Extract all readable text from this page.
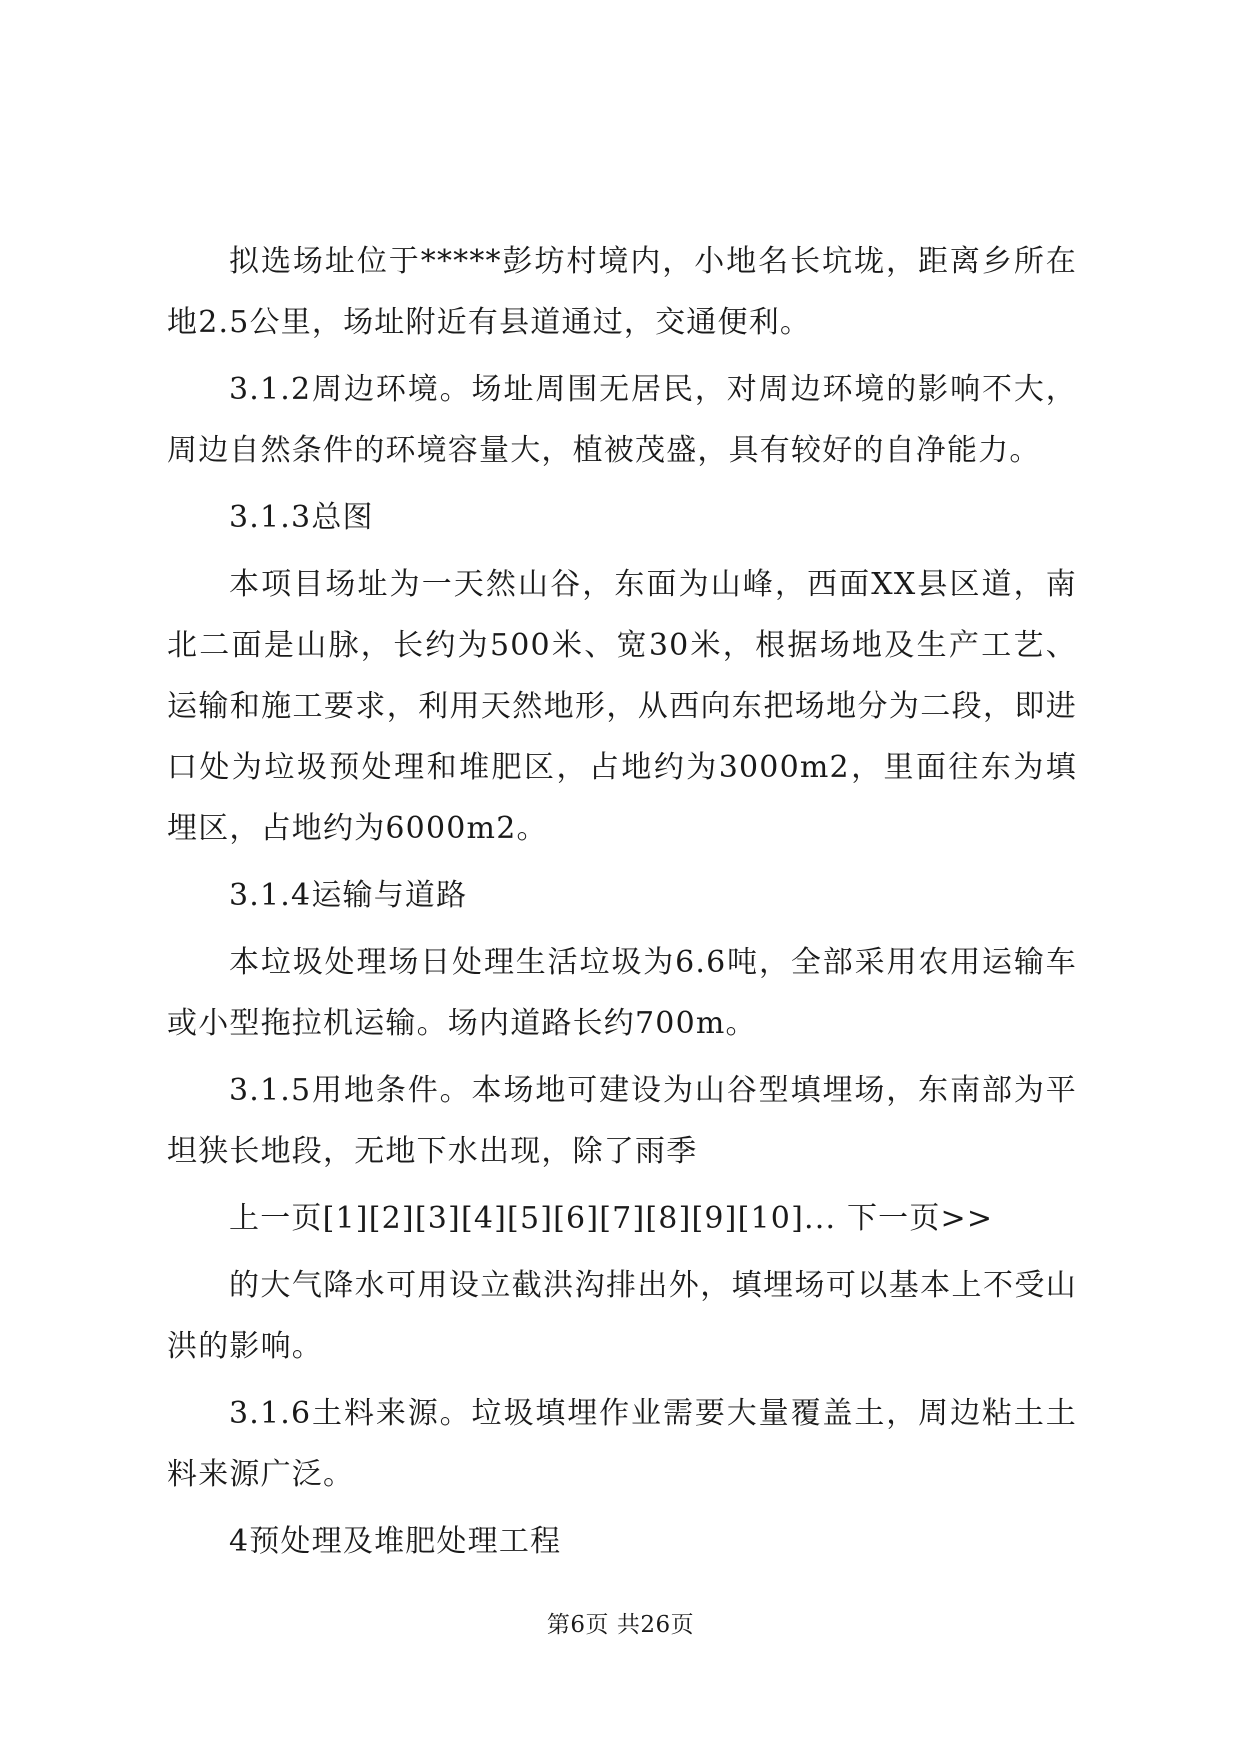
拟选场址位于*****彭坊村境内，小地名长坑垅，距离乡所在地2.5公里，场址附近有县道通过，交通便利。

3.1.2周边环境。场址周围无居民，对周边环境的影响不大，周边自然条件的环境容量大，植被茂盛，具有较好的自净能力。

3.1.3总图

本项目场址为一天然山谷，东面为山峰，西面XX县区道，南北二面是山脉，长约为500米、宽30米，根据场地及生产工艺、运输和施工要求，利用天然地形，从西向东把场地分为二段，即进口处为垃圾预处理和堆肥区，占地约为3000m2，里面往东为填埋区，占地约为6000m2。

3.1.4运输与道路

本垃圾处理场日处理生活垃圾为6.6吨，全部采用农用运输车或小型拖拉机运输。场内道路长约700m。

3.1.5用地条件。本场地可建设为山谷型填埋场，东南部为平坦狭长地段，无地下水出现，除了雨季

上一页[1][2][3][4][5][6][7][8][9][10]... 下一页>>

的大气降水可用设立截洪沟排出外，填埋场可以基本上不受山洪的影响。

3.1.6土料来源。垃圾填埋作业需要大量覆盖土，周边粘土土料来源广泛。

4预处理及堆肥处理工程

第6页 共26页
